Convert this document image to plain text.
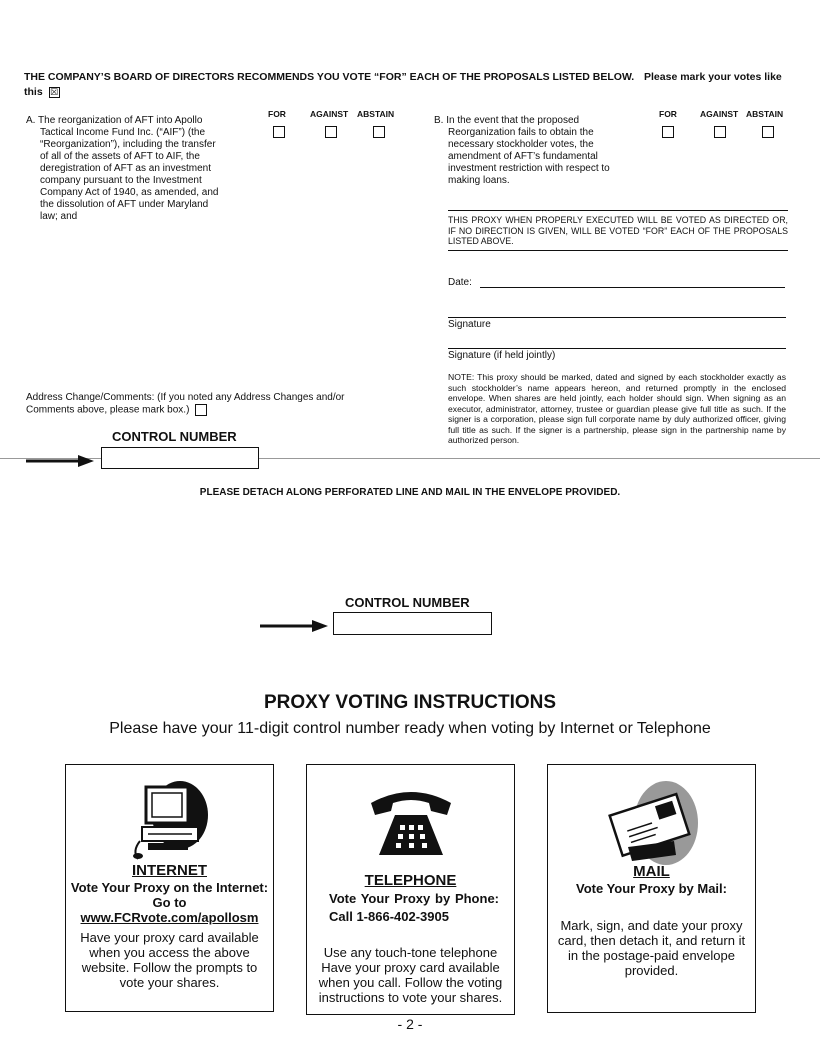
THE COMPANY’S BOARD OF DIRECTORS RECOMMENDS YOU VOTE “FOR” EACH OF THE PROPOSALS LISTED BELOW. Please mark your votes like
this ☒
A. The reorganization of AFT into Apollo Tactical Income Fund Inc. (“AIF”) (the “Reorganization”), including the transfer of all of the assets of AFT to AIF, the deregistration of AFT as an investment company pursuant to the Investment Company Act of 1940, as amended, and the dissolution of AFT under Maryland law; and
FOR	AGAINST ABSTAIN
B. In the event that the proposed Reorganization fails to obtain the necessary stockholder votes, the amendment of AFT’s fundamental investment restriction with respect to making loans.
FOR	AGAINST ABSTAIN
THIS PROXY WHEN PROPERLY EXECUTED WILL BE VOTED AS DIRECTED OR, IF NO DIRECTION IS GIVEN, WILL BE VOTED “FOR” EACH OF THE PROPOSALS LISTED ABOVE.
Date:
Signature
Signature (if held jointly)
NOTE: This proxy should be marked, dated and signed by each stockholder exactly as such stockholder’s name appears hereon, and returned promptly in the enclosed envelope. When shares are held jointly, each holder should sign. When signing as an executor, administrator, attorney, trustee or guardian please give full title as such. If the signer is a corporation, please sign full corporate name by duly authorized officer, giving full title as such. If the signer is a partnership, please sign in the partnership name by authorized person.
Address Change/Comments: (If you noted any Address Changes and/or Comments above, please mark box.)
CONTROL NUMBER
PLEASE DETACH ALONG PERFORATED LINE AND MAIL IN THE ENVELOPE PROVIDED.
CONTROL NUMBER
PROXY VOTING INSTRUCTIONS
Please have your 11-digit control number ready when voting by Internet or Telephone
INTERNET
Vote Your Proxy on the Internet:
Go to
www.FCRvote.com/apollosm
Have your proxy card available when you access the above website. Follow the prompts to vote your shares.
TELEPHONE
Vote Your Proxy by Phone: Call 1-866-402-3905
Use any touch-tone telephone
Have your proxy card available when you call. Follow the voting instructions to vote your shares.
MAIL
Vote Your Proxy by Mail:
Mark, sign, and date your proxy card, then detach it, and return it in the postage-paid envelope provided.
- 2 -
